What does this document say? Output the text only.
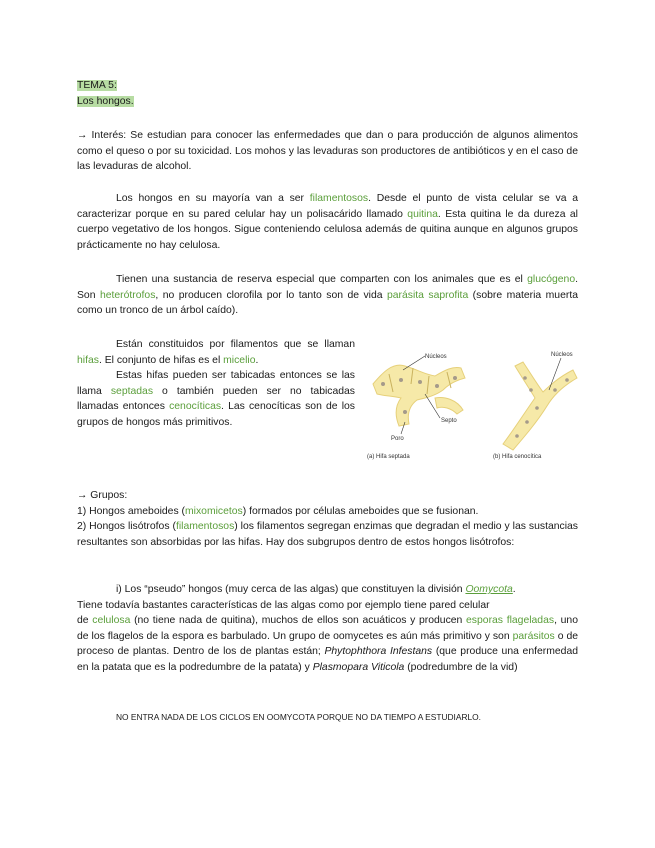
TEMA 5:
Los hongos.

→ Interés: Se estudian para conocer las enfermedades que dan o para producción de algunos alimentos como el queso o por su toxicidad. Los mohos y las levaduras son productores de antibióticos y en el caso de las levaduras de alcohol.

Los hongos en su mayoría van a ser filamentosos. Desde el punto de vista celular se va a caracterizar porque en su pared celular hay un polisacárido llamado quitina. Esta quitina le da dureza al cuerpo vegetativo de los hongos. Sigue conteniendo celulosa además de quitina aunque en algunos grupos prácticamente no hay celulosa.

Tienen una sustancia de reserva especial que comparten con los animales que es el glucógeno. Son heterótrofos, no producen clorofila por lo tanto son de vida parásita saprofita (sobre materia muerta como un tronco de un árbol caído).

Están constituidos por filamentos que se llaman hifas. El conjunto de hifas es el micelio.

Estas hifas pueden ser tabicadas entonces se las llama septadas o también pueden ser no tabicadas llamadas entonces cenocíticas. Las cenocíticas son de los grupos de hongos más primitivos.

Núcleos
Septo
Poro
(a) Hifa septada
Núcleos
(b) Hifa cenocítica

→ Grupos:

1) Hongos ameboides (mixomicetos) formados por células ameboides que se fusionan.

2) Hongos lisótrofos (filamentosos) los filamentos segregan enzimas que degradan el medio y las sustancias resultantes son absorbidas por las hifas. Hay dos subgrupos dentro de estos hongos lisótrofos:

i) Los “pseudo” hongos (muy cerca de las algas) que constituyen la división Oomycota.

Tiene todavía bastantes características de las algas como por ejemplo tiene pared celular

de celulosa (no tiene nada de quitina), muchos de ellos son acuáticos y producen esporas flageladas, uno de los flagelos de la espora es barbulado. Un grupo de oomycetes es aún más primitivo y son parásitos o de proceso de plantas. Dentro de los de plantas están; Phytophthora Infestans (que produce una enfermedad en la patata que es la podredumbre de la patata) y Plasmopara Viticola (podredumbre de la vid)

NO ENTRA NADA DE LOS CICLOS EN OOMYCOTA PORQUE NO DA TIEMPO A ESTUDIARLO.
